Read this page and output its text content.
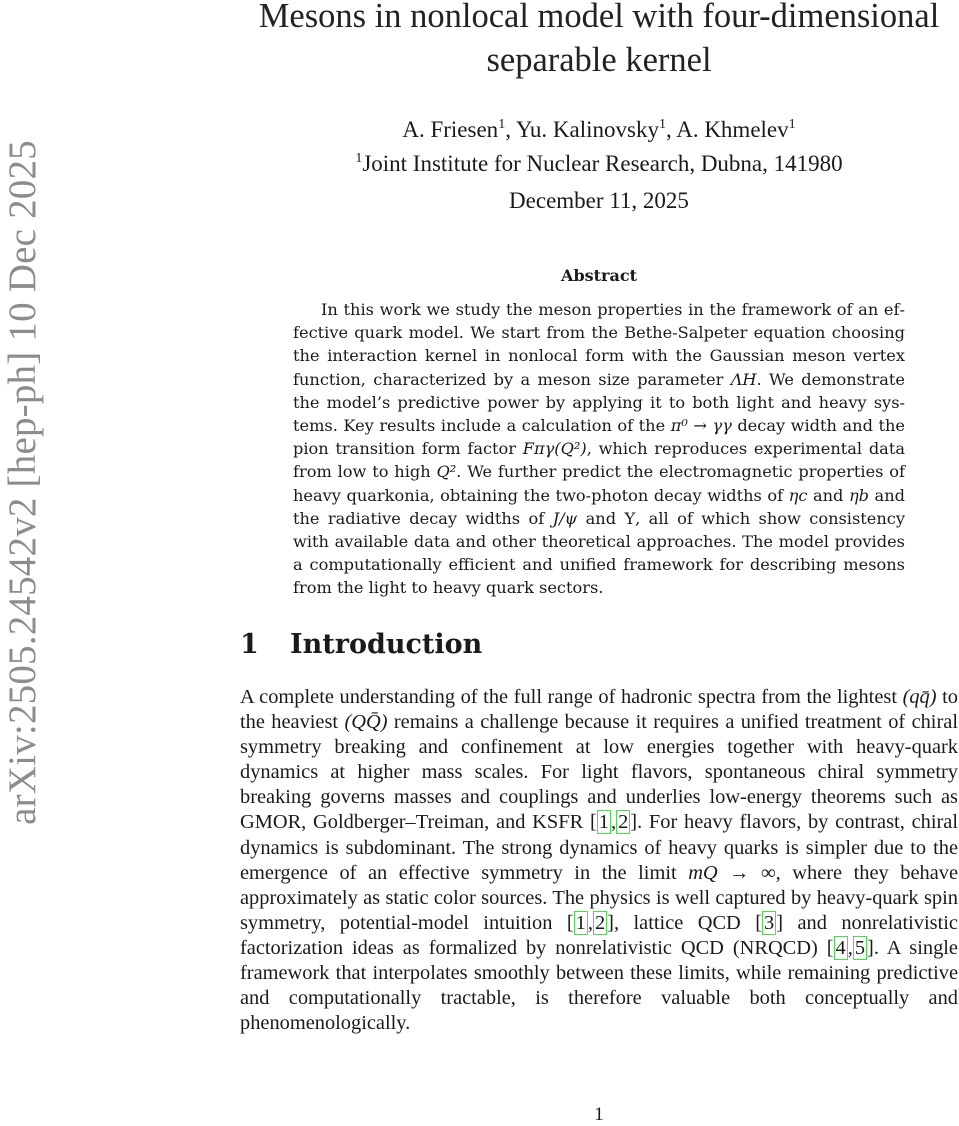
arXiv:2505.24542v2 [hep-ph] 10 Dec 2025
Mesons in nonlocal model with four-dimensional separable kernel
A. Friesen$^1$, Yu. Kalinovsky$^1$, A. Khmelev$^1$
$^1$Joint Institute for Nuclear Research, Dubna, 141980
December 11, 2025
Abstract

In this work we study the meson properties in the framework of an effective quark model. We start from the Bethe-Salpeter equation choosing the interaction kernel in nonlocal form with the Gaussian meson vertex function, characterized by a meson size parameter ΛH. We demonstrate the model’s predictive power by applying it to both light and heavy systems. Key results include a calculation of the π⁰ → γγ decay width and the pion transition form factor Fπγ(Q²), which reproduces experimental data from low to high Q². We further predict the electromagnetic properties of heavy quarkonia, obtaining the two-photon decay widths of ηc and ηb and the radiative decay widths of J/ψ and Υ, all of which show consistency with available data and other theoretical approaches. The model provides a computationally efficient and unified framework for describing mesons from the light to heavy quark sectors.

1 Introduction

A complete understanding of the full range of hadronic spectra from the lightest (qq̄) to the heaviest (QQ̄) remains a challenge because it requires a unified treatment of chiral symmetry breaking and confinement at low energies together with heavy-quark dynamics at higher mass scales. For light flavors, spontaneous chiral symmetry breaking governs masses and couplings and underlies low-energy theorems such as GMOR, Goldberger–Treiman, and KSFR [1,2]. For heavy flavors, by contrast, chiral dynamics is subdominant. The strong dynamics of heavy quarks is simpler due to the emergence of an effective symmetry in the limit mQ → ∞, where they behave approximately as static color sources. The physics is well captured by heavy-quark spin symmetry, potential-model intuition [1,2], lattice QCD [3] and nonrelativistic factorization ideas as formalized by nonrelativistic QCD (NRQCD) [4,5]. A single framework that interpolates smoothly between these limits, while remaining predictive and computationally tractable, is therefore valuable both conceptually and phenomenologically.

1
